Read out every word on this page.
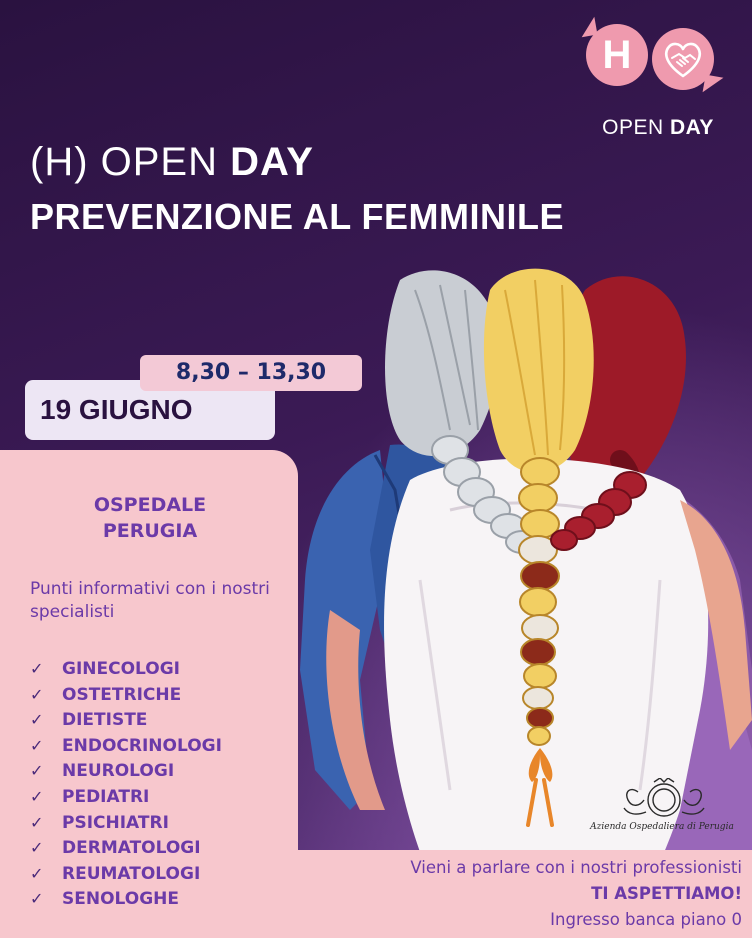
H
OPEN DAY
(H) OPEN DAY
PREVENZIONE AL FEMMINILE
19 GIUGNO
8,30 – 13,30
OSPEDALE PERUGIA
Punti informativi con i nostri specialisti
✓ GINECOLOGI
✓ OSTETRICHE
✓ DIETISTE
✓ ENDOCRINOLOGI
✓ NEUROLOGI
✓ PEDIATRI
✓ PSICHIATRI
✓ DERMATOLOGI
✓ REUMATOLOGI
✓ SENOLOGHE
Vieni a parlare con i nostri professionisti
TI ASPETTIAMO!
Ingresso banca piano 0
Azienda Ospedaliera di Perugia
